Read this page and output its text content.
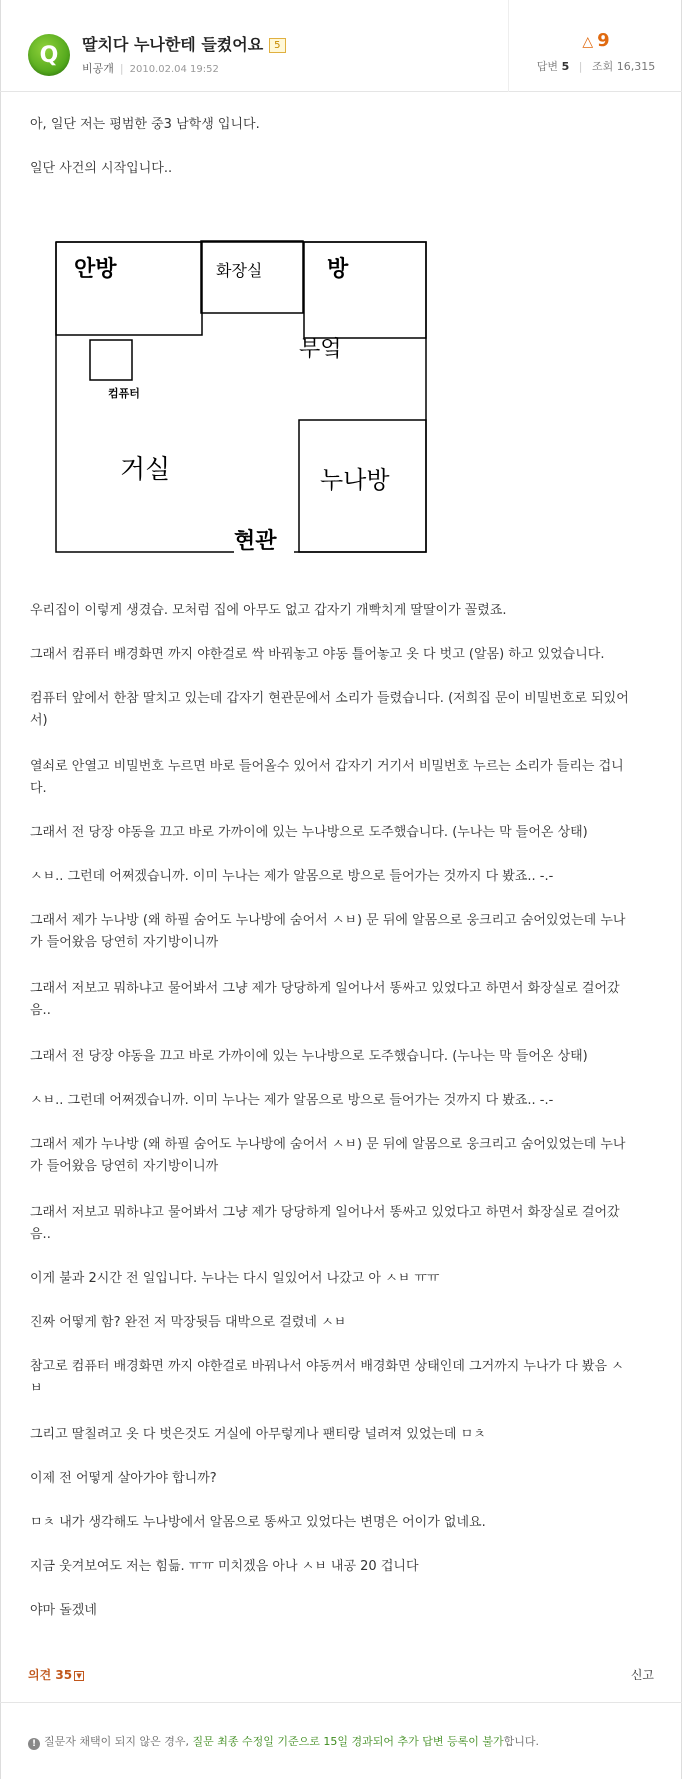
Q	딸치다 누나한테 들켰어요 5
비공개 | 2010.02.04 19:52
△ 9
답변 5 | 조회 16,315
아, 일단 저는 평범한 중3 남학생 입니다.
일단 사건의 시작입니다..
안방	화장실	방
부엌
컴퓨터
거실	누나방
현관
우리집이 이렇게 생겼습. 모처럼 집에 아무도 없고 갑자기 개빡치게 딸딸이가 꼴렸죠.
그래서 컴퓨터 배경화면 까지 야한걸로 싹 바꿔놓고 야동 틀어놓고 옷 다 벗고 (알몸) 하고 있었습니다.
컴퓨터 앞에서 한참 딸치고 있는데 갑자기 현관문에서 소리가 들렸습니다. (저희집 문이 비밀번호로 되있어
서)
열쇠로 안열고 비밀번호 누르면 바로 들어올수 있어서 갑자기 거기서 비밀번호 누르는 소리가 들리는 겁니
다.
그래서 전 당장 야동을 끄고 바로 가까이에 있는 누나방으로 도주했습니다. (누나는 막 들어온 상태)
ㅅㅂ.. 그런데 어쩌겠습니까. 이미 누나는 제가 알몸으로 방으로 들어가는 것까지 다 봤죠.. -.-
그래서 제가 누나방 (왜 하필 숨어도 누나방에 숨어서 ㅅㅂ) 문 뒤에 알몸으로 웅크리고 숨어있었는데 누나
가 들어왔음 당연히 자기방이니까
그래서 저보고 뭐하냐고 물어봐서 그냥 제가 당당하게 일어나서 똥싸고 있었다고 하면서 화장실로 걸어갔
음..
그래서 전 당장 야동을 끄고 바로 가까이에 있는 누나방으로 도주했습니다. (누나는 막 들어온 상태)
ㅅㅂ.. 그런데 어쩌겠습니까. 이미 누나는 제가 알몸으로 방으로 들어가는 것까지 다 봤죠.. -.-
그래서 제가 누나방 (왜 하필 숨어도 누나방에 숨어서 ㅅㅂ) 문 뒤에 알몸으로 웅크리고 숨어있었는데 누나
가 들어왔음 당연히 자기방이니까
그래서 저보고 뭐하냐고 물어봐서 그냥 제가 당당하게 일어나서 똥싸고 있었다고 하면서 화장실로 걸어갔
음..
이게 불과 2시간 전 일입니다. 누나는 다시 일있어서 나갔고 아 ㅅㅂ ㅠㅠ
진짜 어떻게 함? 완전 저 막장뒷듬 대박으로 걸렸네 ㅅㅂ
참고로 컴퓨터 배경화면 까지 야한걸로 바꿔나서 야동꺼서 배경화면 상태인데 그거까지 누나가 다 봤음 ㅅ
ㅂ
그리고 딸칠려고 옷 다 벗은것도 거실에 아무렇게나 팬티랑 널려져 있었는데 ㅁㅊ
이제 전 어떻게 살아가야 합니까?
ㅁㅊ 내가 생각해도 누나방에서 알몸으로 똥싸고 있었다는 변명은 어이가 없네요.
지금 웃겨보여도 저는 힘듦. ㅠㅠ 미치겠음 아나 ㅅㅂ 내공 20 겁니다
야마 돌겠네
의견 35 ▼	신고
! 질문자 채택이 되지 않은 경우, 질문 최종 수정일 기준으로 15일 경과되어 추가 답변 등록이 불가합니다.
